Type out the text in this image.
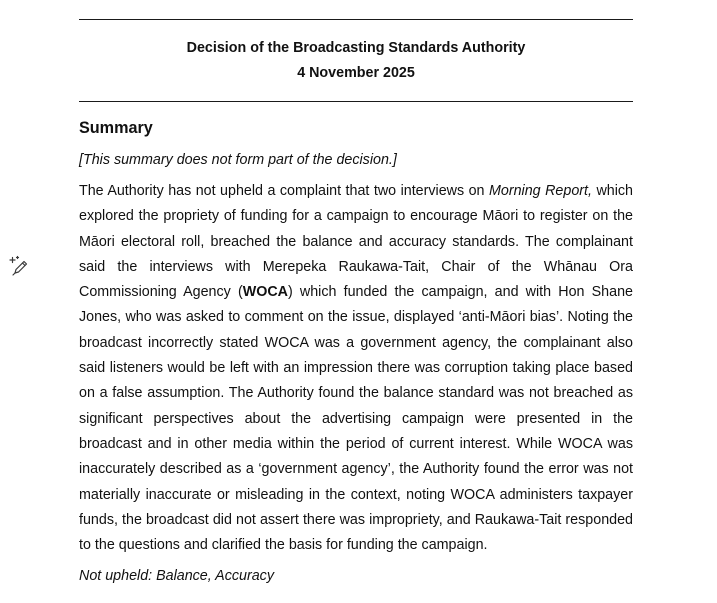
Decision of the Broadcasting Standards Authority
4 November 2025
Summary
[This summary does not form part of the decision.]

The Authority has not upheld a complaint that two interviews on Morning Report, which explored the propriety of funding for a campaign to encourage Māori to register on the Māori electoral roll, breached the balance and accuracy standards. The complainant said the interviews with Merepeka Raukawa-Tait, Chair of the Whānau Ora Commissioning Agency (WOCA) which funded the campaign, and with Hon Shane Jones, who was asked to comment on the issue, displayed ‘anti-Māori bias’. Noting the broadcast incorrectly stated WOCA was a government agency, the complainant also said listeners would be left with an impression there was corruption taking place based on a false assumption. The Authority found the balance standard was not breached as significant perspectives about the advertising campaign were presented in the broadcast and in other media within the period of current interest. While WOCA was inaccurately described as a ‘government agency’, the Authority found the error was not materially inaccurate or misleading in the context, noting WOCA administers taxpayer funds, the broadcast did not assert there was impropriety, and Raukawa-Tait responded to the questions and clarified the basis for funding the campaign.

Not upheld: Balance, Accuracy
